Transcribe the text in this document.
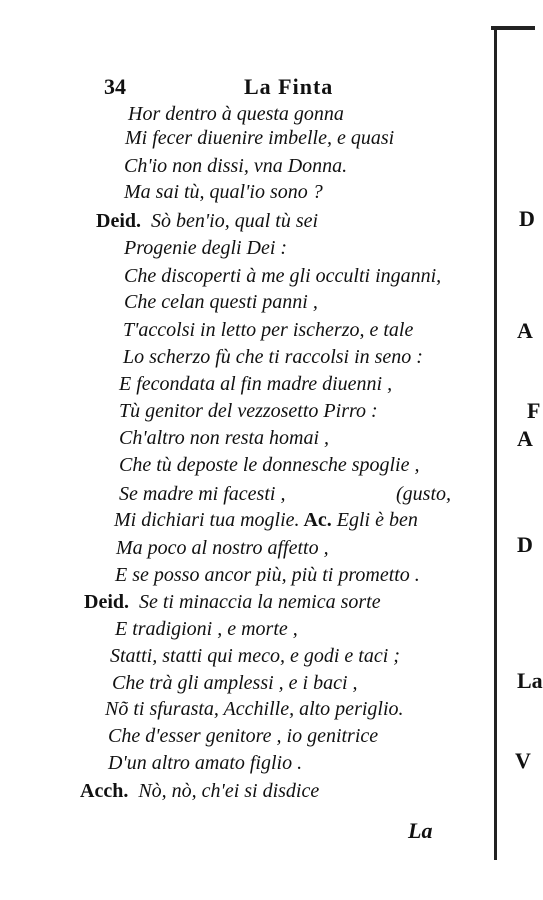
34	La Finta
Hor dentro à questa gonna
Mi fecer diuenire imbelle, e quasi
Ch'io non dissi, vna Donna.
Ma sai tù, qual'io sono ?
Deid. Sò ben'io, qual tù sei
Progenie degli Dei :
Che discoperti à me gli occulti inganni,
Che celan questi panni ,
T'accolsi in letto per ischerzo, e tale
Lo scherzo fù che ti raccolsi in seno :
E fecondata al fin madre diuenni ,
Tù genitor del vezzosetto Pirro :
Ch'altro non resta homai ,
Che tù deposte le donnesche spoglie ,
Se madre mi facesti ,	(gusto,
Mi dichiari tua moglie. Ac. Egli è ben
Ma poco al nostro affetto ,
E se posso ancor più, più ti prometto .
Deid. Se ti minaccia la nemica sorte
E tradigioni , e morte ,
Statti, statti qui meco, e godi e taci ;
Che trà gli amplessi , e i baci ,
Nõ ti sfurasta, Acchille, alto periglio.
Che d'esser genitore , io genitrice
D'un altro amato figlio .
Acch. Nò, nò, ch'ei si disdice
La
D
A
F
A
D
La
V
